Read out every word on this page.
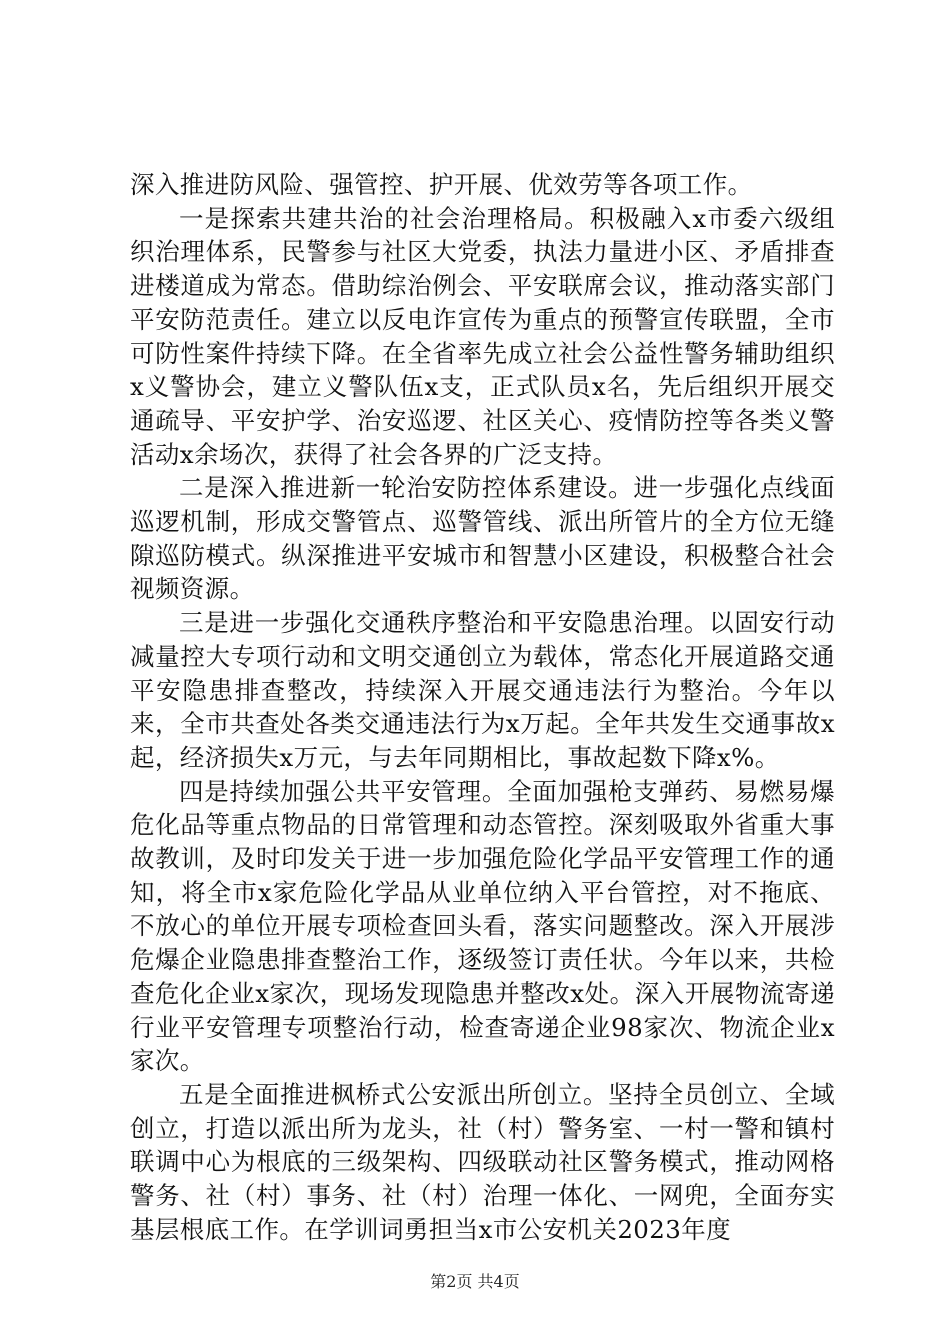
深入推进防风险、强管控、护开展、优效劳等各项工作。

一是探索共建共治的社会治理格局。积极融入x市委六级组织治理体系，民警参与社区大党委，执法力量进小区、矛盾排查进楼道成为常态。借助综治例会、平安联席会议，推动落实部门平安防范责任。建立以反电诈宣传为重点的预警宣传联盟，全市可防性案件持续下降。在全省率先成立社会公益性警务辅助组织x义警协会，建立义警队伍x支，正式队员x名，先后组织开展交通疏导、平安护学、治安巡逻、社区关心、疫情防控等各类义警活动x余场次，获得了社会各界的广泛支持。

二是深入推进新一轮治安防控体系建设。进一步强化点线面巡逻机制，形成交警管点、巡警管线、派出所管片的全方位无缝隙巡防模式。纵深推进平安城市和智慧小区建设，积极整合社会视频资源。

三是进一步强化交通秩序整治和平安隐患治理。以固安行动减量控大专项行动和文明交通创立为载体，常态化开展道路交通平安隐患排查整改，持续深入开展交通违法行为整治。今年以来，全市共查处各类交通违法行为x万起。全年共发生交通事故x起，经济损失x万元，与去年同期相比，事故起数下降x%。

四是持续加强公共平安管理。全面加强枪支弹药、易燃易爆危化品等重点物品的日常管理和动态管控。深刻吸取外省重大事故教训，及时印发关于进一步加强危险化学品平安管理工作的通知，将全市x家危险化学品从业单位纳入平台管控，对不拖底、不放心的单位开展专项检查回头看，落实问题整改。深入开展涉危爆企业隐患排查整治工作，逐级签订责任状。今年以来，共检查危化企业x家次，现场发现隐患并整改x处。深入开展物流寄递行业平安管理专项整治行动，检查寄递企业98家次、物流企业x家次。

五是全面推进枫桥式公安派出所创立。坚持全员创立、全域创立，打造以派出所为龙头，社（村）警务室、一村一警和镇村联调中心为根底的三级架构、四级联动社区警务模式，推动网格警务、社（村）事务、社（村）治理一体化、一网兜，全面夯实基层根底工作。在学训词勇担当x市公安机关2023年度

第2页 共4页
